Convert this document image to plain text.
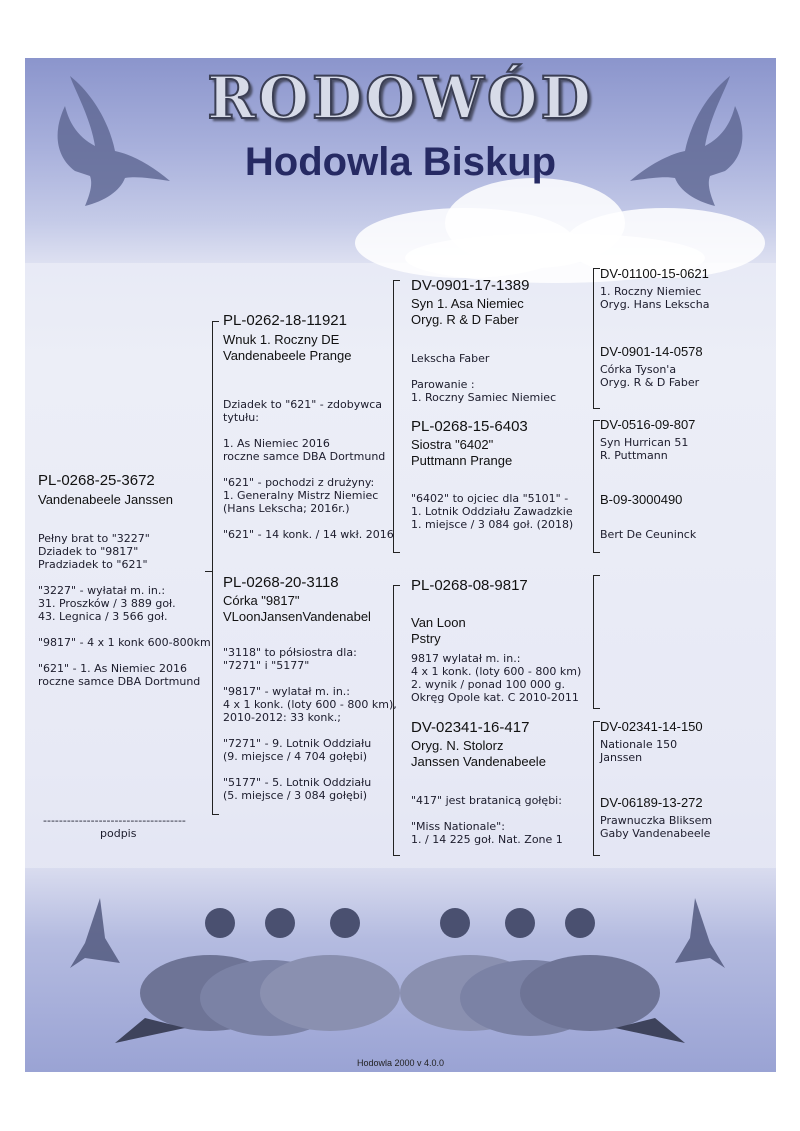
RODOWÓD
Hodowla Biskup
PL-0268-25-3672
Vandenabeele Janssen
Pełny brat to "3227"
Dziadek to "9817"
Pradziadek to "621"

"3227" - wyłatał m. in.:
31. Proszków / 3 889 goł.
43. Legnica / 3 566 goł.

"9817" - 4 x 1 konk 600-800km

"621" - 1. As Niemiec 2016
roczne samce DBA Dortmund
------------------------------------
podpis
PL-0262-18-11921
Wnuk 1. Roczny DE
Vandenabeele Prange
Dziadek to "621" - zdobywca
tytułu:

1. As Niemiec 2016
roczne samce DBA Dortmund

"621" - pochodzi z drużyny:
1. Generalny Mistrz Niemiec
(Hans Lekscha; 2016r.)

"621" - 14 konk. / 14 wkł. 2016
PL-0268-20-3118
Córka "9817"
VLoonJansenVandenabel
"3118" to półsiostra dla:
"7271" i "5177"

"9817" - wylatał m. in.:
4 x 1 konk. (loty 600 - 800 km),
2010-2012: 33 konk.;

"7271" - 9. Lotnik Oddziału
(9. miejsce / 4 704 gołębi)

"5177" - 5. Lotnik Oddziału
(5. miejsce / 3 084 gołębi)
DV-0901-17-1389
Syn 1. Asa Niemiec
Oryg. R & D Faber
Lekscha Faber

Parowanie :
1. Roczny Samiec Niemiec
PL-0268-15-6403
Siostra "6402"
Puttmann Prange
"6402" to ojciec dla "5101" -
1. Lotnik Oddziału Zawadzkie
1. miejsce / 3 084 goł. (2018)
PL-0268-08-9817
Van Loon
Pstry
9817 wylatał m. in.:
4 x 1 konk. (loty 600 - 800 km)
2. wynik / ponad 100 000 g.
Okręg Opole kat. C 2010-2011
DV-02341-16-417
Oryg. N. Stolorz
Janssen Vandenabeele
"417" jest bratanicą gołębi:

"Miss Nationale":
1. / 14 225 goł. Nat. Zone 1
DV-01100-15-0621
1. Roczny Niemiec
Oryg. Hans Lekscha
DV-0901-14-0578
Córka Tyson'a
Oryg. R & D Faber
DV-0516-09-807
Syn Hurrican 51
R. Puttmann
B-09-3000490
Bert De Ceuninck
DV-02341-14-150
Nationale 150
Janssen
DV-06189-13-272
Prawnuczka Bliksem
Gaby Vandenabeele
Hodowla 2000 v 4.0.0
